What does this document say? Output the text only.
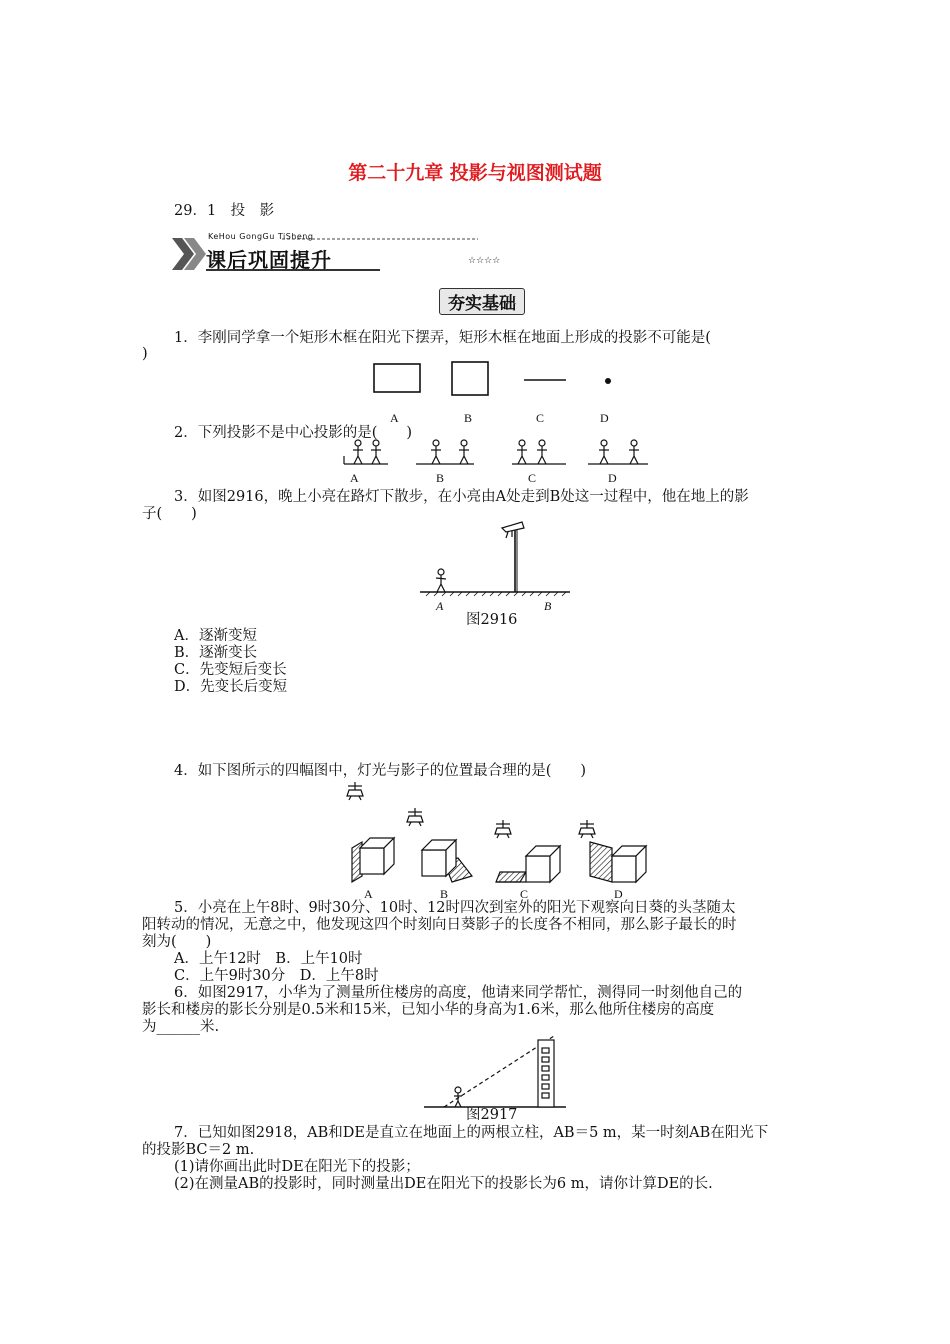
第二十九章 投影与视图测试题
29．1　投　影
KeHou GongGu TiSheng
课后巩固提升	☆☆☆☆
夯实基础
1．李刚同学拿一个矩形木框在阳光下摆弄，矩形木框在地面上形成的投影不可能是(
)
A	B	C	D
2．下列投影不是中心投影的是(　　)
A	B	C	D
3．如图2916，晚上小亮在路灯下散步，在小亮由A处走到B处这一过程中，他在地上的影
子(　　)
A	B
图2916
A．逐渐变短
B．逐渐变长
C．先变短后变长
D．先变长后变短
4．如下图所示的四幅图中，灯光与影子的位置最合理的是(　　)
A	B	C	D
5．小亮在上午8时、9时30分、10时、12时四次到室外的阳光下观察向日葵的头茎随太
阳转动的情况，无意之中，他发现这四个时刻向日葵影子的长度各不相同，那么影子最长的时
刻为(　　)
A．上午12时　B．上午10时
C．上午9时30分　D．上午8时
6．如图2917，小华为了测量所住楼房的高度，他请来同学帮忙，测得同一时刻他自己的
影长和楼房的影长分别是0.5米和15米，已知小华的身高为1.6米，那么他所住楼房的高度
为______米.
图2917
7．已知如图2918，AB和DE是直立在地面上的两根立柱，AB＝5 m，某一时刻AB在阳光下
的投影BC＝2 m.
(1)请你画出此时DE在阳光下的投影；
(2)在测量AB的投影时，同时测量出DE在阳光下的投影长为6 m，请你计算DE的长.
